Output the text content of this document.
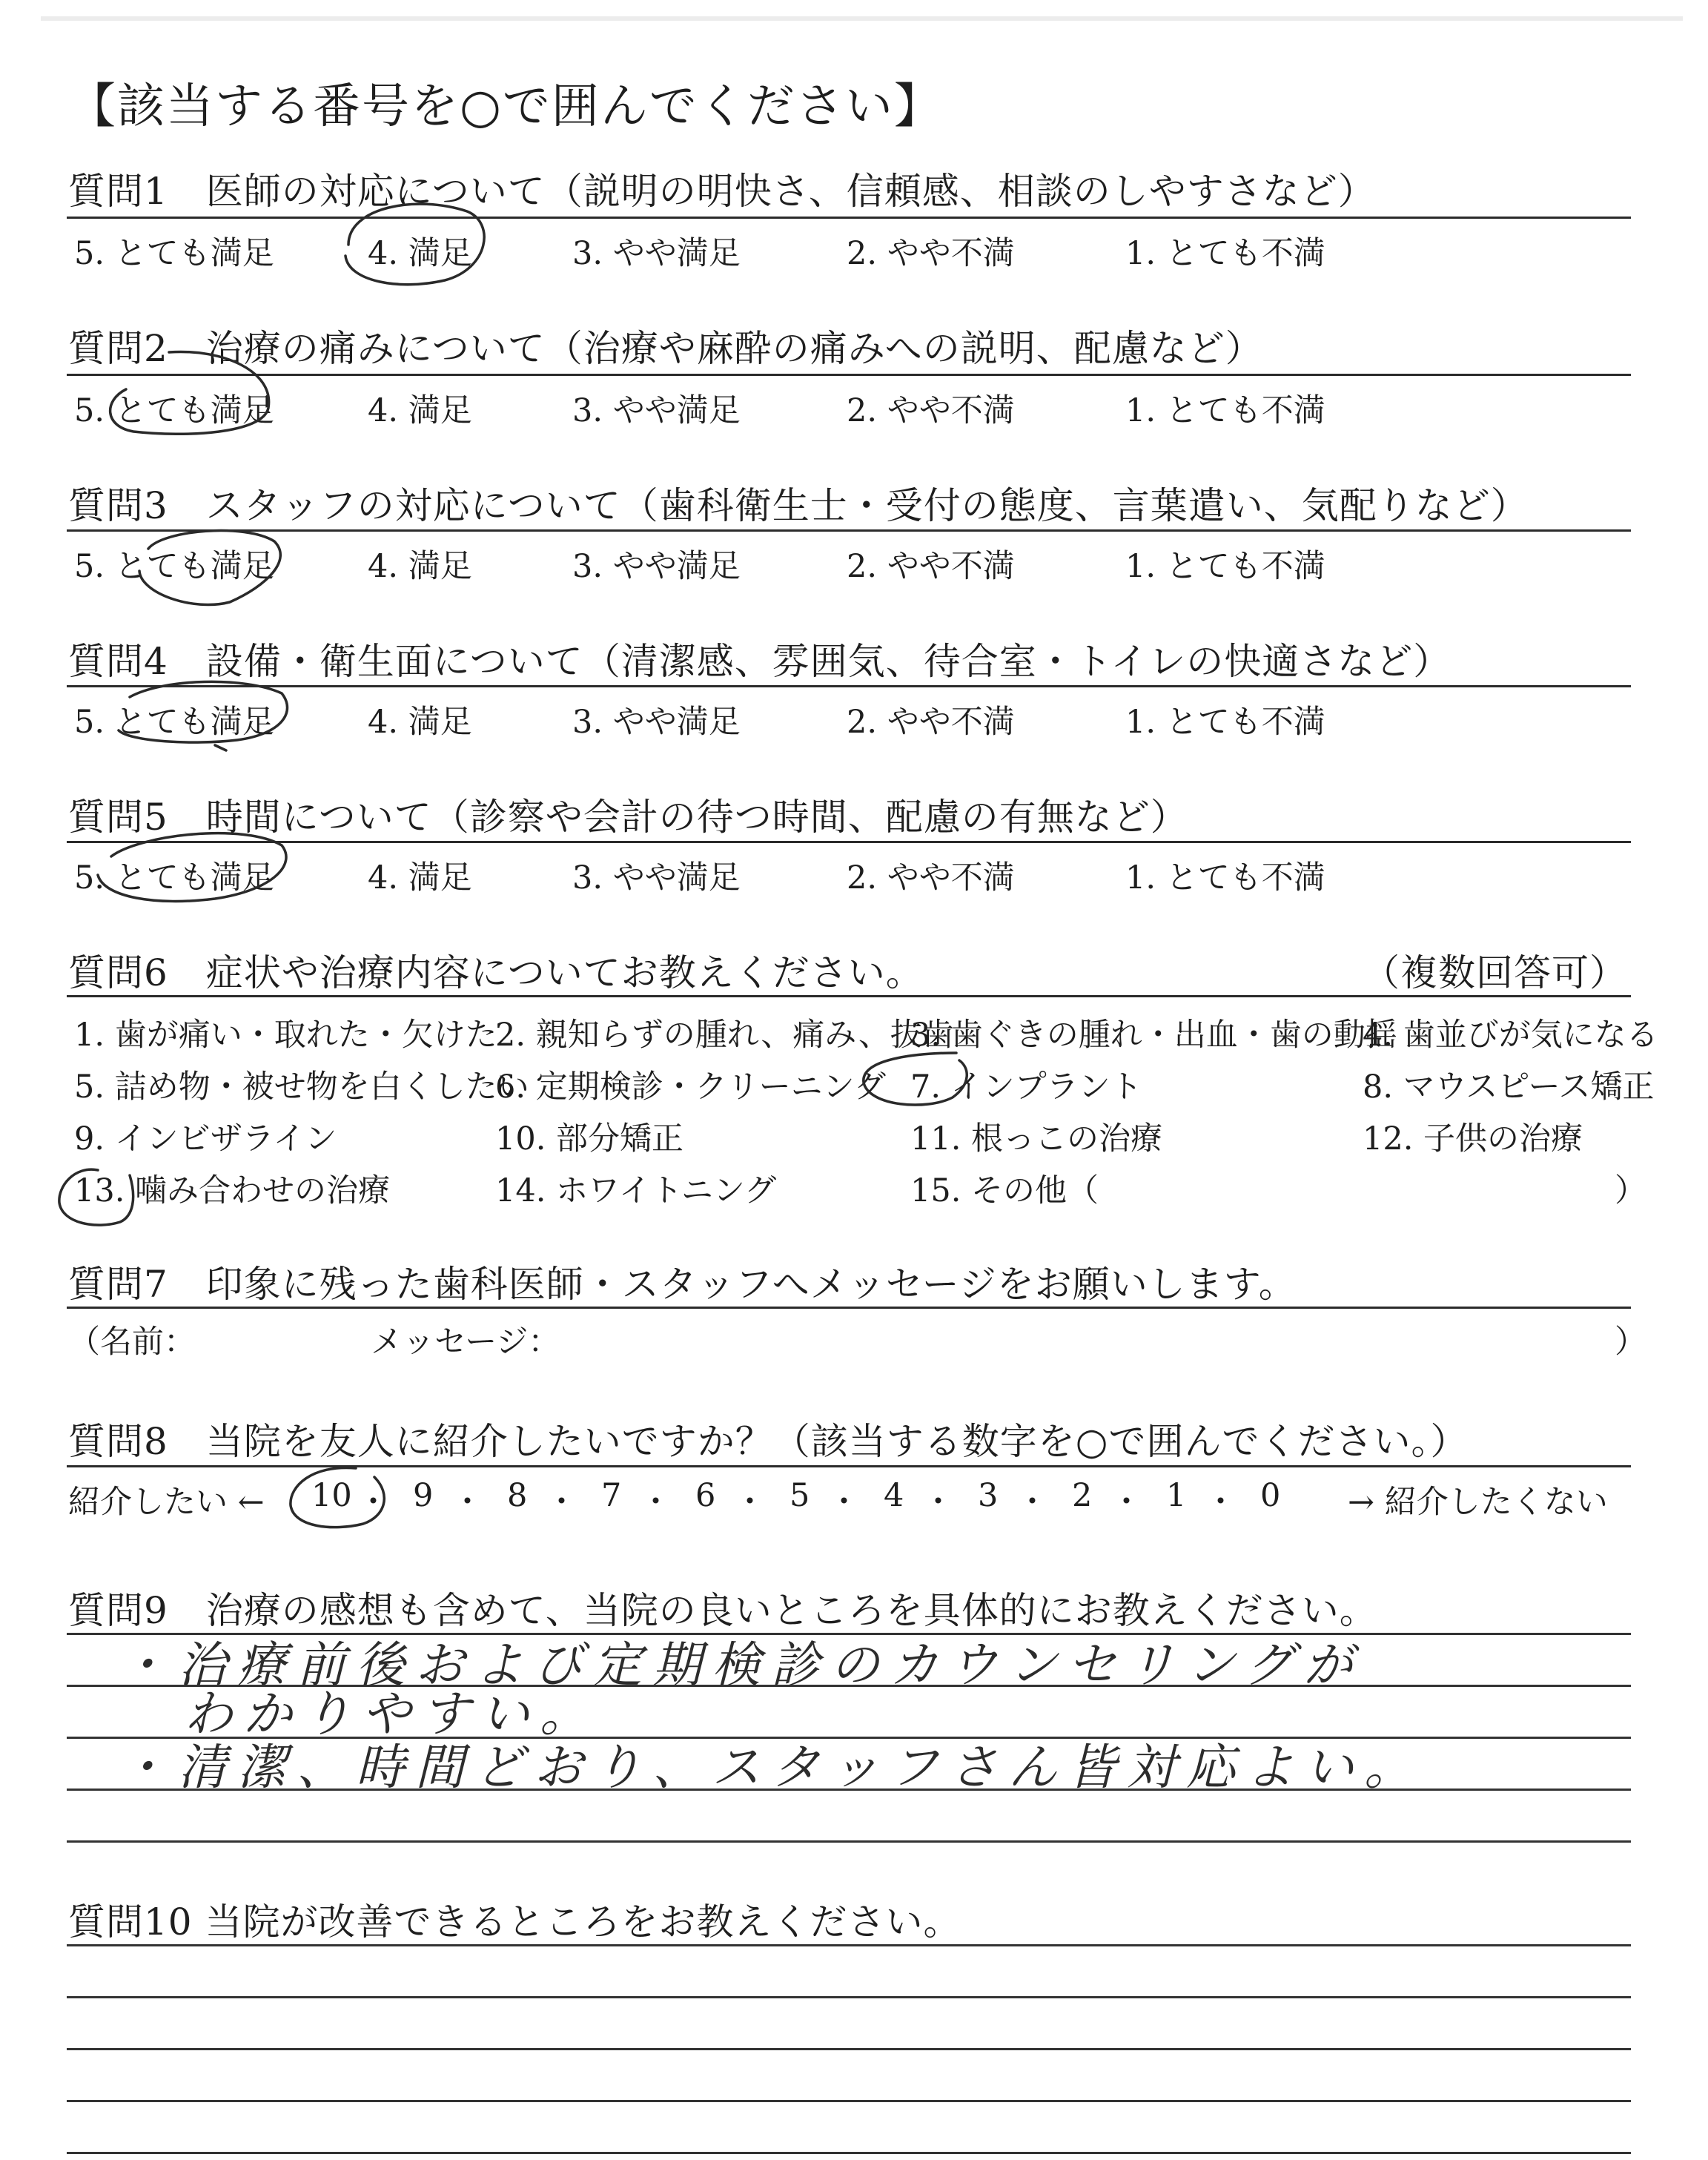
【該当する番号を○で囲んでください】
質問1　医師の対応について（説明の明快さ、信頼感、相談のしやすさなど）
5. とても満足	4. 満足	3. やや満足	2. やや不満	1. とても不満
質問2　治療の痛みについて（治療や麻酔の痛みへの説明、配慮など）
5. とても満足	4. 満足	3. やや満足	2. やや不満	1. とても不満
質問3　スタッフの対応について（歯科衛生士・受付の態度、言葉遣い、気配りなど）
5. とても満足	4. 満足	3. やや満足	2. やや不満	1. とても不満
質問4　設備・衛生面について（清潔感、雰囲気、待合室・トイレの快適さなど）
5. とても満足	4. 満足	3. やや満足	2. やや不満	1. とても不満
質問5　時間について（診察や会計の待つ時間、配慮の有無など）
5. とても満足	4. 満足	3. やや満足	2. やや不満	1. とても不満
質問6　症状や治療内容についてお教えください。	（複数回答可）
1. 歯が痛い・取れた・欠けた
2. 親知らずの腫れ、痛み、抜歯
3. 歯ぐきの腫れ・出血・歯の動揺
4. 歯並びが気になる
5. 詰め物・被せ物を白くしたい
6. 定期検診・クリーニング 7. インプラント	8. マウスピース矯正
9. インビザライン	10. 部分矯正	11. 根っこの治療	12. 子供の治療
13. 噛み合わせの治療	14. ホワイトニング	15. その他（	）
質問7　印象に残った歯科医師・スタッフへメッセージをお願いします。
（名前：	メッセージ：	）
質問8　当院を友人に紹介したいですか？（該当する数字を○で囲んでください。）
紹介したい ←	→ 紹介したくない
10 ・ 9 ・ 8 ・ 7 ・ 6 ・ 5 ・ 4 ・ 3 ・ 2 ・ 1 ・ 0
質問9　治療の感想も含めて、当院の良いところを具体的にお教えください。
・治療前後および定期検診のカウンセリングが
わかりやすい。
・清潔、時間どおり、スタッフさん皆対応よい。
質問10 当院が改善できるところをお教えください。
